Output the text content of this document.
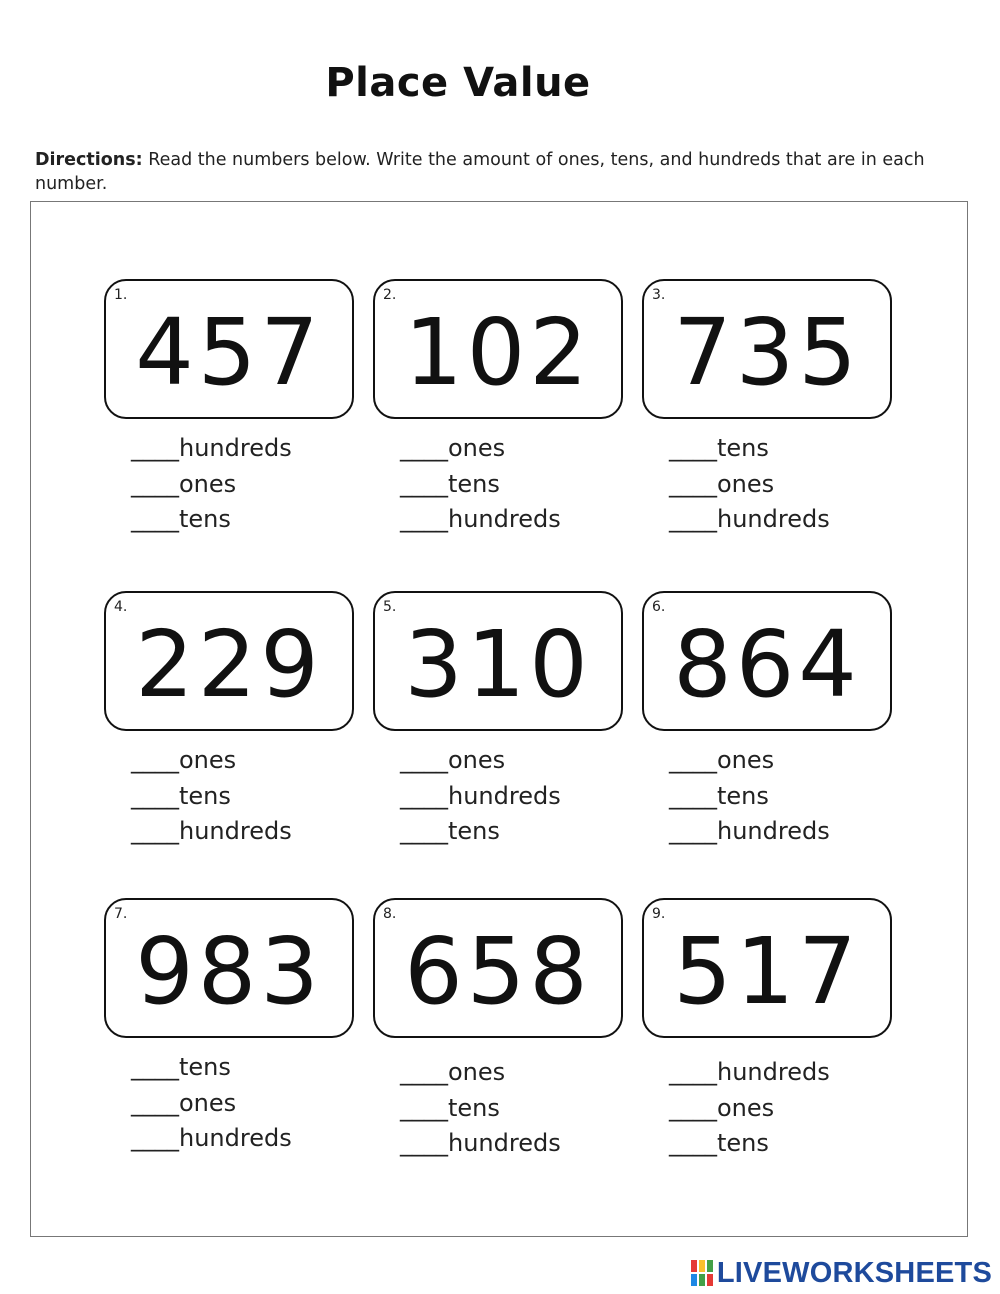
Place Value
Directions: Read the numbers below. Write the amount of ones, tens, and hundreds that are in each number.
1.
457
____hundreds
____ones
____tens
2.
102
____ones
____tens
____hundreds
3.
735
____tens
____ones
____hundreds
4.
229
____ones
____tens
____hundreds
5.
310
____ones
____hundreds
____tens
6.
864
____ones
____tens
____hundreds
7.
983
____tens
____ones
____hundreds
8.
658
____ones
____tens
____hundreds
9.
517
____hundreds
____ones
____tens
LIVEWORKSHEETS
